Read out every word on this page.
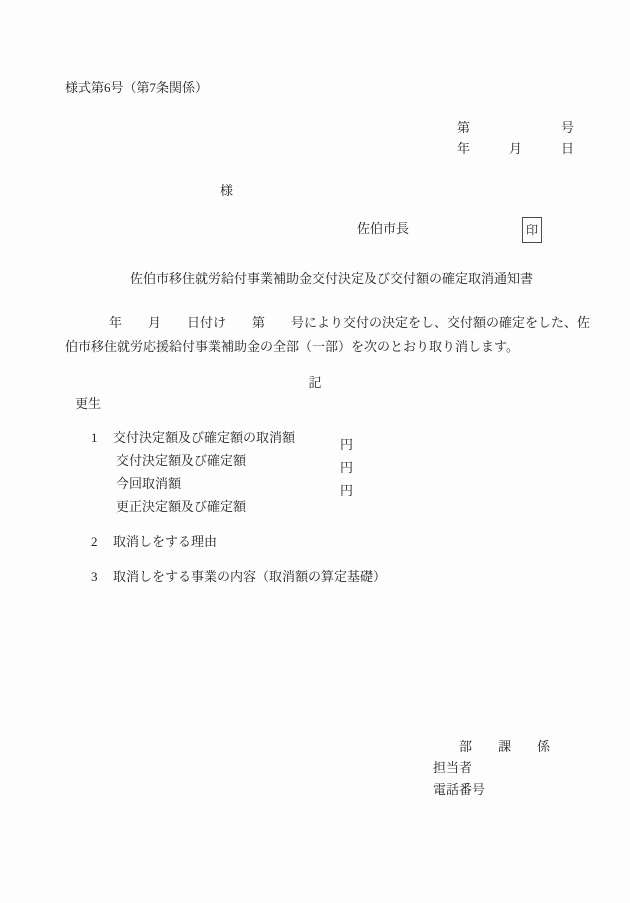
様式第6号（第7条関係）
第　　　　　　　号
年　　　月　　　日
様
佐伯市長	印
佐伯市移住就労給付事業補助金交付決定及び交付額の確定取消通知書
　　　年　　月　　日付け　　第　　号により交付の決定をし、交付額の確定をした、佐
伯市移住就労応援給付事業補助金の全部（一部）を次のとおり取り消します。
記
更生

1 交付決定額及び確定額の取消額

交付決定額及び確定額

円

今回取消額

円

更正決定額及び確定額

円

2 取消しをする理由

3 取消しをする事業の内容（取消額の算定基礎）

　　部　　課　　係
担当者
電話番号
